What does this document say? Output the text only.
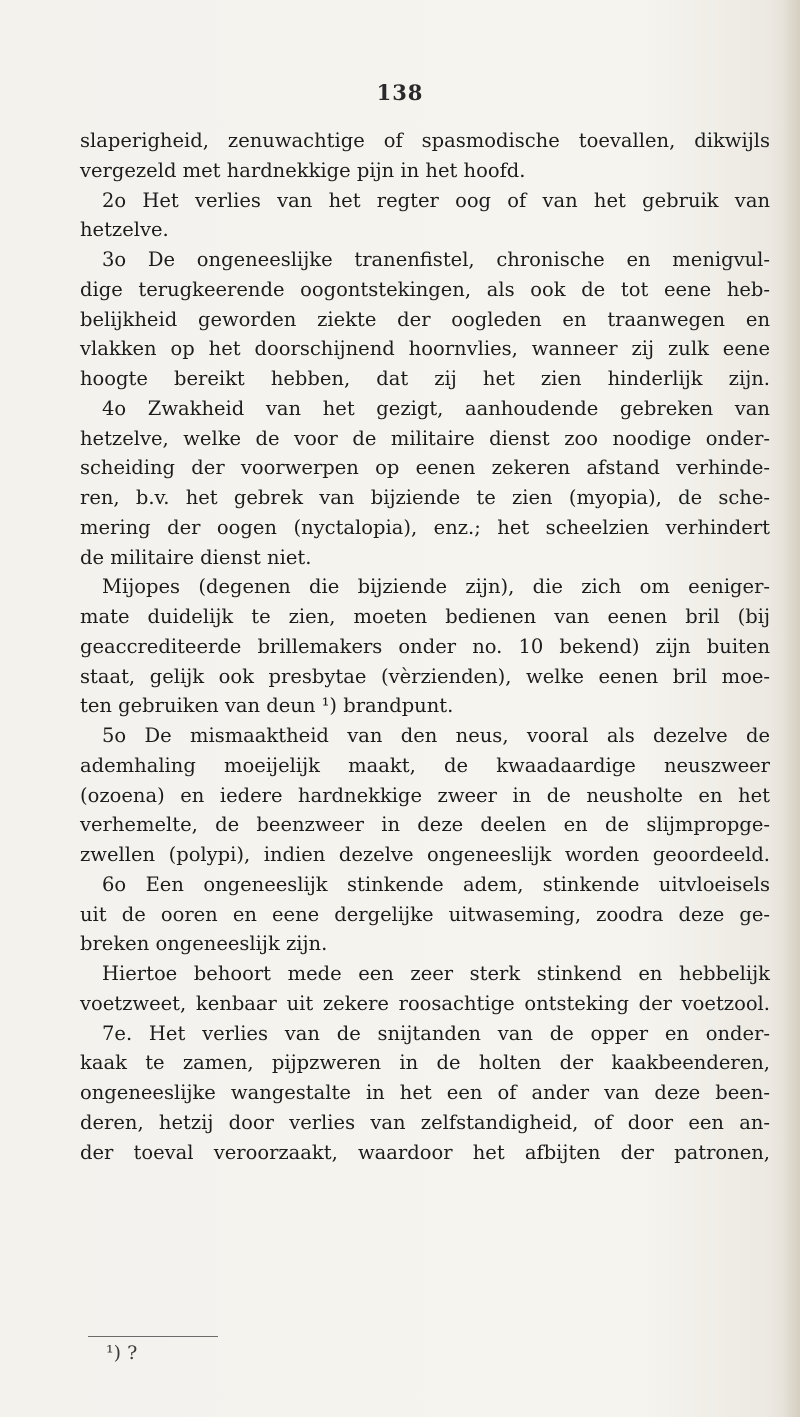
138
slaperigheid, zenuwachtige of spasmodische toevallen, dikwijls
vergezeld met hardnekkige pijn in het hoofd.
2o Het verlies van het regter oog of van het gebruik van
hetzelve.
3o De ongeneeslijke tranenfistel, chronische en menigvul-
dige terugkeerende oogontstekingen, als ook de tot eene heb-
belijkheid geworden ziekte der oogleden en traanwegen en
vlakken op het doorschijnend hoornvlies, wanneer zij zulk eene
hoogte bereikt hebben, dat zij het zien hinderlijk zijn.
4o Zwakheid van het gezigt, aanhoudende gebreken van
hetzelve, welke de voor de militaire dienst zoo noodige onder-
scheiding der voorwerpen op eenen zekeren afstand verhinde-
ren, b.v. het gebrek van bijziende te zien (myopia), de sche-
mering der oogen (nyctalopia), enz.; het scheelzien verhindert
de militaire dienst niet.
Mijopes (degenen die bijziende zijn), die zich om eeniger-
mate duidelijk te zien, moeten bedienen van eenen bril (bij
geaccrediteerde brillemakers onder no. 10 bekend) zijn buiten
staat, gelijk ook presbytae (vèrzienden), welke eenen bril moe-
ten gebruiken van deun ¹) brandpunt.
5o De mismaaktheid van den neus, vooral als dezelve de
ademhaling moeijelijk maakt, de kwaadaardige neuszweer
(ozoena) en iedere hardnekkige zweer in de neusholte en het
verhemelte, de beenzweer in deze deelen en de slijmpropge-
zwellen (polypi), indien dezelve ongeneeslijk worden geoordeeld.
6o Een ongeneeslijk stinkende adem, stinkende uitvloeisels
uit de ooren en eene dergelijke uitwaseming, zoodra deze ge-
breken ongeneeslijk zijn.
Hiertoe behoort mede een zeer sterk stinkend en hebbelijk
voetzweet, kenbaar uit zekere roosachtige ontsteking der voetzool.
7e. Het verlies van de snijtanden van de opper en onder-
kaak te zamen, pijpzweren in de holten der kaakbeenderen,
ongeneeslijke wangestalte in het een of ander van deze been-
deren, hetzij door verlies van zelfstandigheid, of door een an-
der toeval veroorzaakt, waardoor het afbijten der patronen,
¹) ?
